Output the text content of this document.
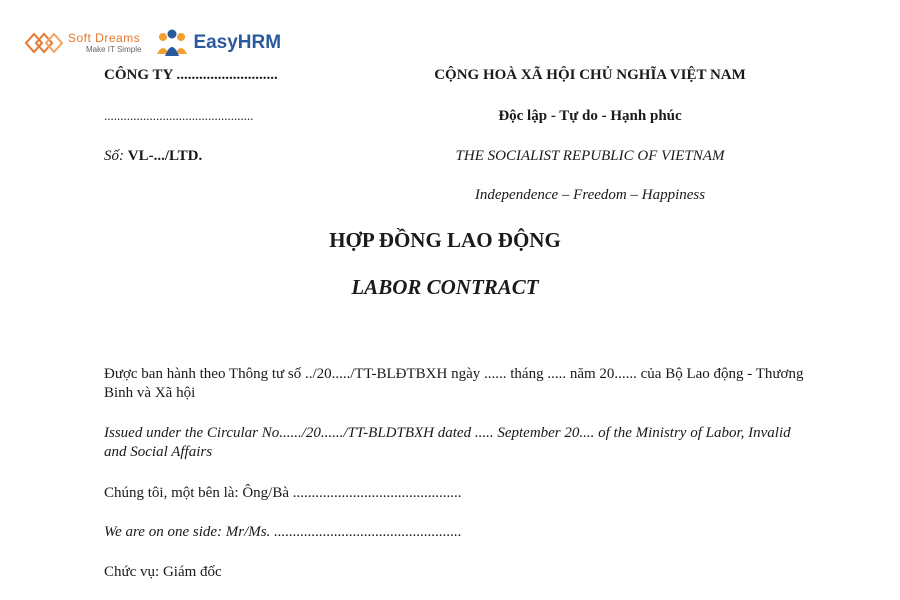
Soft Dreams
Make IT Simple	EasyHRM
CÔNG TY ...........................
..............................................
Số: VL-.../LTD.
CỘNG HOÀ XÃ HỘI CHỦ NGHĨA VIỆT NAM
Độc lập - Tự do - Hạnh phúc
THE SOCIALIST REPUBLIC OF VIETNAM
Independence – Freedom – Happiness
HỢP ĐỒNG LAO ĐỘNG
LABOR CONTRACT
Được ban hành theo Thông tư số ../20...../TT-BLĐTBXH ngày ...... tháng ..... năm 20...... của Bộ Lao động - Thương Binh và Xã hội
Issued under the Circular No....../20....../TT-BLDTBXH dated ..... September 20.... of the Ministry of Labor, Invalid and Social Affairs
Chúng tôi, một bên là: Ông/Bà .............................................
We are on one side: Mr/Ms. ..................................................
Chức vụ: Giám đốc
